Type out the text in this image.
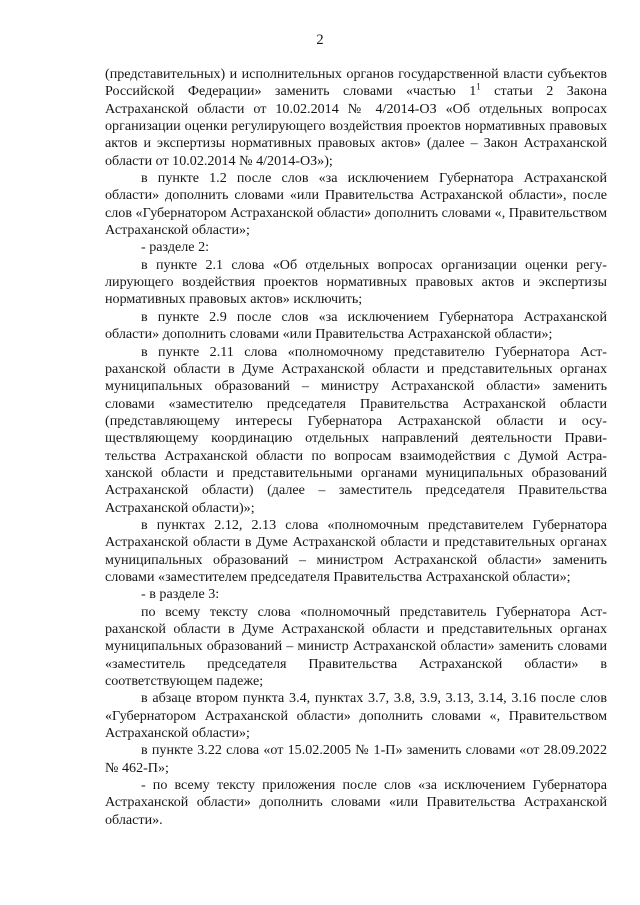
2

(представительных) и исполнительных органов государственной власти субъектов Российской Федерации» заменить словами «частью $1^1$ статьи 2 Закона Астраханской области от 10.02.2014 № 4/2014-ОЗ «Об отдельных вопросах организации оценки регулирующего воздействия проектов нормативных правовых актов и экспертизы нормативных правовых актов» (далее – Закон Астраханской области от 10.02.2014 № 4/2014-ОЗ»);

в пункте 1.2 после слов «за исключением Губернатора Астраханской области» дополнить словами «или Правительства Астраханской области», после слов «Губернатором Астраханской области» дополнить словами «, Правительством Астраханской области»;

- разделе 2:

в пункте 2.1 слова «Об отдельных вопросах организации оценки регулирующего воздействия проектов нормативных правовых актов и экспертизы нормативных правовых актов» исключить;

в пункте 2.9 после слов «за исключением Губернатора Астраханской области» дополнить словами «или Правительства Астраханской области»;

в пункте 2.11 слова «полномочному представителю Губернатора Астраханской области в Думе Астраханской области и представительных органах муниципальных образований – министру Астраханской области» заменить словами «заместителю председателя Правительства Астраханской области (представляющему интересы Губернатора Астраханской области и осуществляющему координацию отдельных направлений деятельности Правительства Астраханской области по вопросам взаимодействия с Думой Астраханской области и представительными органами муниципальных образований Астраханской области) (далее – заместитель председателя Правительства Астраханской области)»;

в пунктах 2.12, 2.13 слова «полномочным представителем Губернатора Астраханской области в Думе Астраханской области и представительных органах муниципальных образований – министром Астраханской области» заменить словами «заместителем председателя Правительства Астраханской области»;

- в разделе 3:

по всему тексту слова «полномочный представитель Губернатора Астраханской области в Думе Астраханской области и представительных органах муниципальных образований – министр Астраханской области» заменить словами «заместитель председателя Правительства Астраханской области» в соответствующем падеже;

в абзаце втором пункта 3.4, пунктах 3.7, 3.8, 3.9, 3.13, 3.14, 3.16 после слов «Губернатором Астраханской области» дополнить словами «, Правительством Астраханской области»;

в пункте 3.22 слова «от 15.02.2005 № 1-П» заменить словами «от 28.09.2022 № 462-П»;

- по всему тексту приложения после слов «за исключением Губернатора Астраханской области» дополнить словами «или Правительства Астраханской области».
